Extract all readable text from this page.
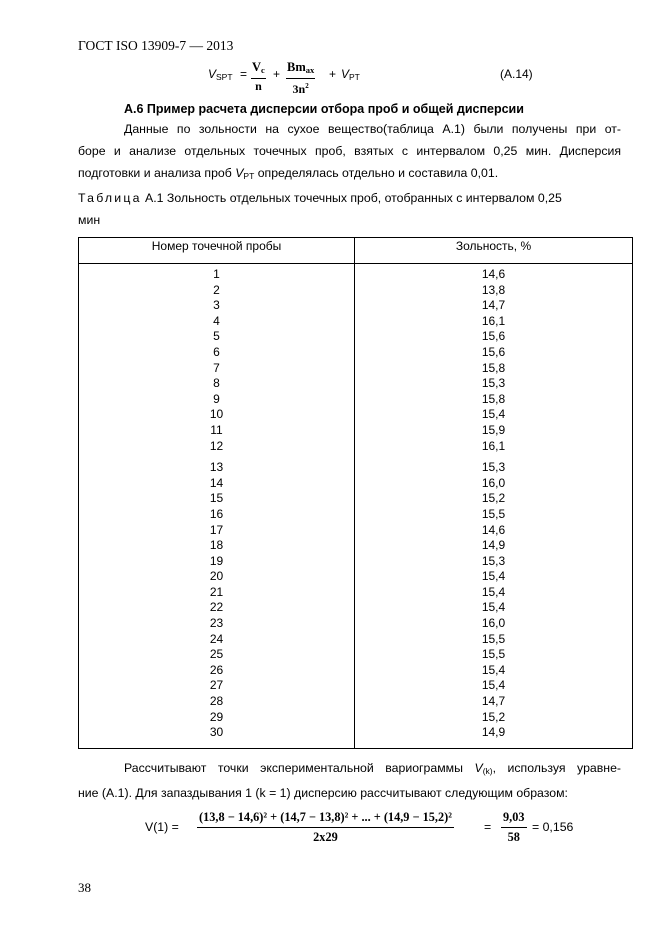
ГОСТ ISO 13909-7 — 2013
$V_{SPT} = \frac{V_c}{n} + Bm_{ax}$
$3n^2$
+ $V_{PT}$	(А.14)
А.6 Пример расчета дисперсии отбора проб и общей дисперсии
Данные по зольности на сухое вещество(таблица А.1) были получены при от-
боре и анализе отдельных точечных проб, взятых с интервалом 0,25 мин. Дисперсия
подготовки и анализа проб $V_{PT}$ определялась отдельно и составила 0,01.
Таблица А.1 Зольность отдельных точечных проб, отобранных с интервалом 0,25
мин
Номер точечной пробы	Зольность, %
1	14,6
2	13,8
3	14,7
4	16,1
5	15,6
6	15,6
7	15,8
8	15,3
9	15,8
10	15,4
11	15,9
12	16,1
13	15,3
14	16,0
15	15,2
16	15,5
17	14,6
18	14,9
19	15,3
20	15,4
21	15,4
22	15,4
23	16,0
24	15,5
25	15,5
26	15,4
27	15,4
28	14,7
29	15,2
30	14,9
Рассчитывают точки экспериментальной вариограммы $V_{(k)}$, используя уравне-
ние (А.1). Для запаздывания 1 (k = 1) дисперсию рассчитывают следующим образом:
$V(1) = \frac{\text{(13,8 − 14,6)² + (14,7 − 13,8)² + ... + (14,9 − 15,2)²}}{2x29} = \frac{9,03}{58} = 0,156$
38
